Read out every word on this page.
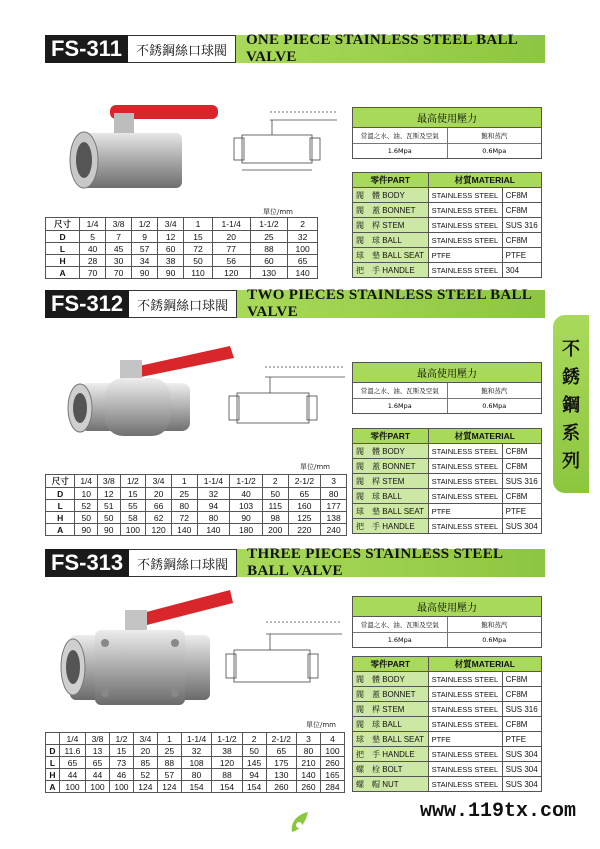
FS-311	不銹鋼絲口球閥
ONE PIECE STAINLESS STEEL BALL VALVE
單位/mm
尺寸	1/4	3/8	1/2	3/4	1	1-1/4	1-1/2	2
D	5	7	9	12	15	20	25	32
L	40	45	57	60	72	77	88	100
H	28	30	34	38	50	56	60	65
A	70	70	90	90	110	120	130	140
最高使用壓力
常溫之水、油、瓦斯及空氣	飽和蒸汽
1.6Mpa	0.6Mpa
零件PART	材質MATERIAL	
閥　體 BODY	STAINLESS STEEL	CF8M
閥　蓋 BONNET	STAINLESS STEEL	CF8M
閥　桿 STEM	STAINLESS STEEL	SUS 316
閥　球 BALL	STAINLESS STEEL	CF8M
球　墊 BALL SEAT	PTFE	PTFE
把　手 HANDLE	STAINLESS STEEL	304
FS-312	不銹鋼絲口球閥
TWO PIECES STAINLESS STEEL BALL VALVE
單位/mm
尺寸	1/4	3/8	1/2	3/4	1	1-1/4	1-1/2	2	2-1/2	3
D	10	12	15	20	25	32	40	50	65	80
L	52	51	55	66	80	94	103	115	160	177
H	50	50	58	62	72	80	90	98	125	138
A	90	90	100	120	140	140	180	200	220	240
最高使用壓力
常溫之水、油、瓦斯及空氣	飽和蒸汽
1.6Mpa	0.6Mpa
零件PART	材質MATERIAL	
閥　體 BODY	STAINLESS STEEL	CF8M
閥　蓋 BONNET	STAINLESS STEEL	CF8M
閥　桿 STEM	STAINLESS STEEL	SUS 316
閥　球 BALL	STAINLESS STEEL	CF8M
球　墊 BALL SEAT	PTFE	PTFE
把　手 HANDLE	STAINLESS STEEL	SUS 304
FS-313	不銹鋼絲口球閥
THREE PIECES STAINLESS STEEL BALL VALVE
單位/mm
	1/4	3/8	1/2	3/4	1	1-1/4	1-1/2	2	2-1/2	3	4
D	11.6	13	15	20	25	32	38	50	65	80	100
L	65	65	73	85	88	108	120	145	175	210	260
H	44	44	46	52	57	80	88	94	130	140	165
A	100	100	100	124	124	154	154	154	260	260	284
最高使用壓力
常溫之水、油、瓦斯及空氣	飽和蒸汽
1.6Mpa	0.6Mpa
零件PART	材質MATERIAL	
閥　體 BODY	STAINLESS STEEL	CF8M
閥　蓋 BONNET	STAINLESS STEEL	CF8M
閥　桿 STEM	STAINLESS STEEL	SUS 316
閥　球 BALL	STAINLESS STEEL	CF8M
球　墊 BALL SEAT	PTFE	PTFE
把　手 HANDLE	STAINLESS STEEL	SUS 304
螺　栓 BOLT	STAINLESS STEEL	SUS 304
螺　帽 NUT	STAINLESS STEEL	SUS 304
不
銹
鋼
系
列
www.119tx.com
